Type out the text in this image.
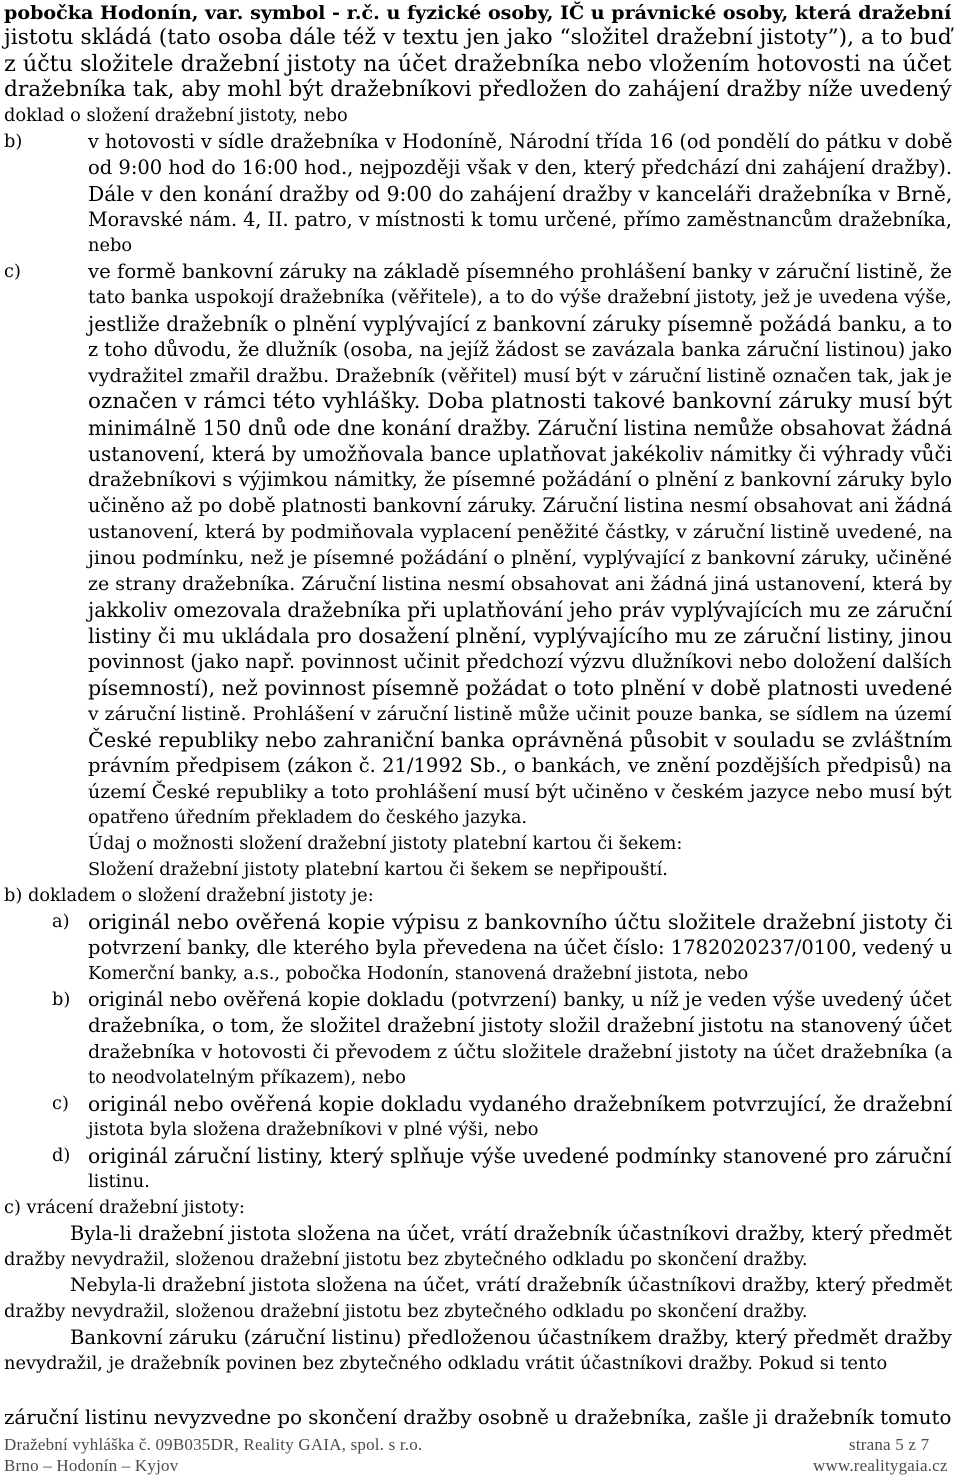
pobočka Hodonín, var. symbol - r.č. u fyzické osoby, IČ u právnické osoby, která dražební
jistotu skládá (tato osoba dále též v textu jen jako “složitel dražební jistoty”), a to buď
z účtu složitele dražební jistoty na účet dražebníka nebo vložením hotovosti na účet
dražebníka tak, aby mohl být dražebníkovi předložen do zahájení dražby níže uvedený
doklad o složení dražební jistoty, nebo
b)	v hotovosti v sídle dražebníka v Hodoníně, Národní třída 16 (od pondělí do pátku v době
od 9:00 hod do 16:00 hod., nejpozději však v den, který předchází dni zahájení dražby).
Dále v den konání dražby od 9:00 do zahájení dražby v kanceláři dražebníka v Brně,
Moravské nám. 4, II. patro, v místnosti k tomu určené, přímo zaměstnancům dražebníka,
nebo
c)	ve formě bankovní záruky na základě písemného prohlášení banky v záruční listině, že
tato banka uspokojí dražebníka (věřitele), a to do výše dražební jistoty, jež je uvedena výše,
jestliže dražebník o plnění vyplývající z bankovní záruky písemně požádá banku, a to
z toho důvodu, že dlužník (osoba, na jejíž žádost se zavázala banka záruční listinou) jako
vydražitel zmařil dražbu. Dražebník (věřitel) musí být v záruční listině označen tak, jak je
označen v rámci této vyhlášky. Doba platnosti takové bankovní záruky musí být
minimálně 150 dnů ode dne konání dražby. Záruční listina nemůže obsahovat žádná
ustanovení, která by umožňovala bance uplatňovat jakékoliv námitky či výhrady vůči
dražebníkovi s výjimkou námitky, že písemné požádání o plnění z bankovní záruky bylo
učiněno až po době platnosti bankovní záruky. Záruční listina nesmí obsahovat ani žádná
ustanovení, která by podmiňovala vyplacení peněžité částky, v záruční listině uvedené, na
jinou podmínku, než je písemné požádání o plnění, vyplývající z bankovní záruky, učiněné
ze strany dražebníka. Záruční listina nesmí obsahovat ani žádná jiná ustanovení, která by
jakkoliv omezovala dražebníka při uplatňování jeho práv vyplývajících mu ze záruční
listiny či mu ukládala pro dosažení plnění, vyplývajícího mu ze záruční listiny, jinou
povinnost (jako např. povinnost učinit předchozí výzvu dlužníkovi nebo doložení dalších
písemností), než povinnost písemně požádat o toto plnění v době platnosti uvedené
v záruční listině. Prohlášení v záruční listině může učinit pouze banka, se sídlem na území
České republiky nebo zahraniční banka oprávněná působit v souladu se zvláštním
právním předpisem (zákon č. 21/1992 Sb., o bankách, ve znění pozdějších předpisů) na
území České republiky a toto prohlášení musí být učiněno v českém jazyce nebo musí být
opatřeno úředním překladem do českého jazyka.
Údaj o možnosti složení dražební jistoty platební kartou či šekem:
Složení dražební jistoty platební kartou či šekem se nepřipouští.
b) dokladem o složení dražební jistoty je:
a) originál nebo ověřená kopie výpisu z bankovního účtu složitele dražební jistoty či
potvrzení banky, dle kterého byla převedena na účet číslo: 1782020237/0100, vedený u
Komerční banky, a.s., pobočka Hodonín, stanovená dražební jistota, nebo
b) originál nebo ověřená kopie dokladu (potvrzení) banky, u níž je veden výše uvedený účet
dražebníka, o tom, že složitel dražební jistoty složil dražební jistotu na stanovený účet
dražebníka v hotovosti či převodem z účtu složitele dražební jistoty na účet dražebníka (a
to neodvolatelným příkazem), nebo
c) originál nebo ověřená kopie dokladu vydaného dražebníkem potvrzující, že dražební
jistota byla složena dražebníkovi v plné výši, nebo
d) originál záruční listiny, který splňuje výše uvedené podmínky stanovené pro záruční
listinu.
c) vrácení dražební jistoty:
Byla-li dražební jistota složena na účet, vrátí dražebník účastníkovi dražby, který předmět
dražby nevydražil, složenou dražební jistotu bez zbytečného odkladu po skončení dražby.
Nebyla-li dražební jistota složena na účet, vrátí dražebník účastníkovi dražby, který předmět
dražby nevydražil, složenou dražební jistotu bez zbytečného odkladu po skončení dražby.
Bankovní záruku (záruční listinu) předloženou účastníkem dražby, který předmět dražby
nevydražil, je dražebník povinen bez zbytečného odkladu vrátit účastníkovi dražby. Pokud si tento
záruční listinu nevyzvedne po skončení dražby osobně u dražebníka, zašle ji dražebník tomuto
Dražební vyhláška č. 09B035DR, Reality GAIA, spol. s r.o.	strana 5 z 7
Brno – Hodonín – Kyjov	www.realitygaia.cz
